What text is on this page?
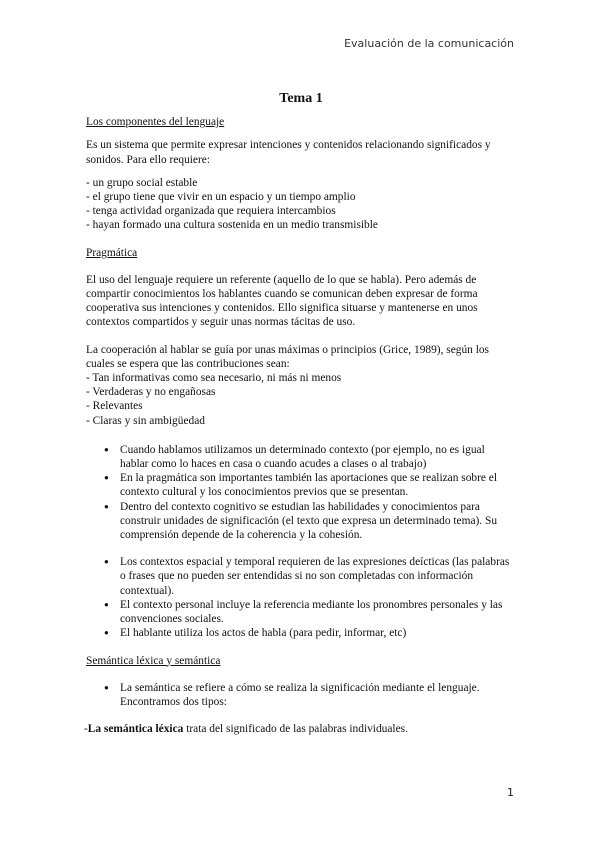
Evaluación de la comunicación

Tema 1

Los componentes del lenguaje

Es un sistema que permite expresar intenciones y contenidos relacionando significados y sonidos. Para ello requiere:

- un grupo social estable

- el grupo tiene que vivir en un espacio y un tiempo amplio

- tenga actividad organizada que requiera intercambios

- hayan formado una cultura sostenida en un medio transmisible

Pragmática

El uso del lenguaje requiere un referente (aquello de lo que se habla). Pero además de compartir conocimientos los hablantes cuando se comunican deben expresar de forma cooperativa sus intenciones y contenidos. Ello significa situarse y mantenerse en unos contextos compartidos y seguir unas normas tácitas de uso.

La cooperación al hablar se guía por unas máximas o principios (Grice, 1989), según los cuales se espera que las contribuciones sean:

- Tan informativas como sea necesario, ni más ni menos

- Verdaderas y no engañosas

- Relevantes

- Claras y sin ambigüedad

● Cuando hablamos utilizamos un determinado contexto (por ejemplo, no es igual hablar como lo haces en casa o cuando acudes a clases o al trabajo)
● En la pragmática son importantes también las aportaciones que se realizan sobre el contexto cultural y los conocimientos previos que se presentan.
● Dentro del contexto cognitivo se estudian las habilidades y conocimientos para construir unidades de significación (el texto que expresa un determinado tema). Su comprensión depende de la coherencia y la cohesión.
● Los contextos espacial y temporal requieren de las expresiones deícticas (las palabras o frases que no pueden ser entendidas si no son completadas con información contextual).
● El contexto personal incluye la referencia mediante los pronombres personales y las convenciones sociales.
● El hablante utiliza los actos de habla (para pedir, informar, etc)

Semántica léxica y semántica

● La semántica se refiere a cómo se realiza la significación mediante el lenguaje. Encontramos dos tipos:

-La semántica léxica trata del significado de las palabras individuales.

1
